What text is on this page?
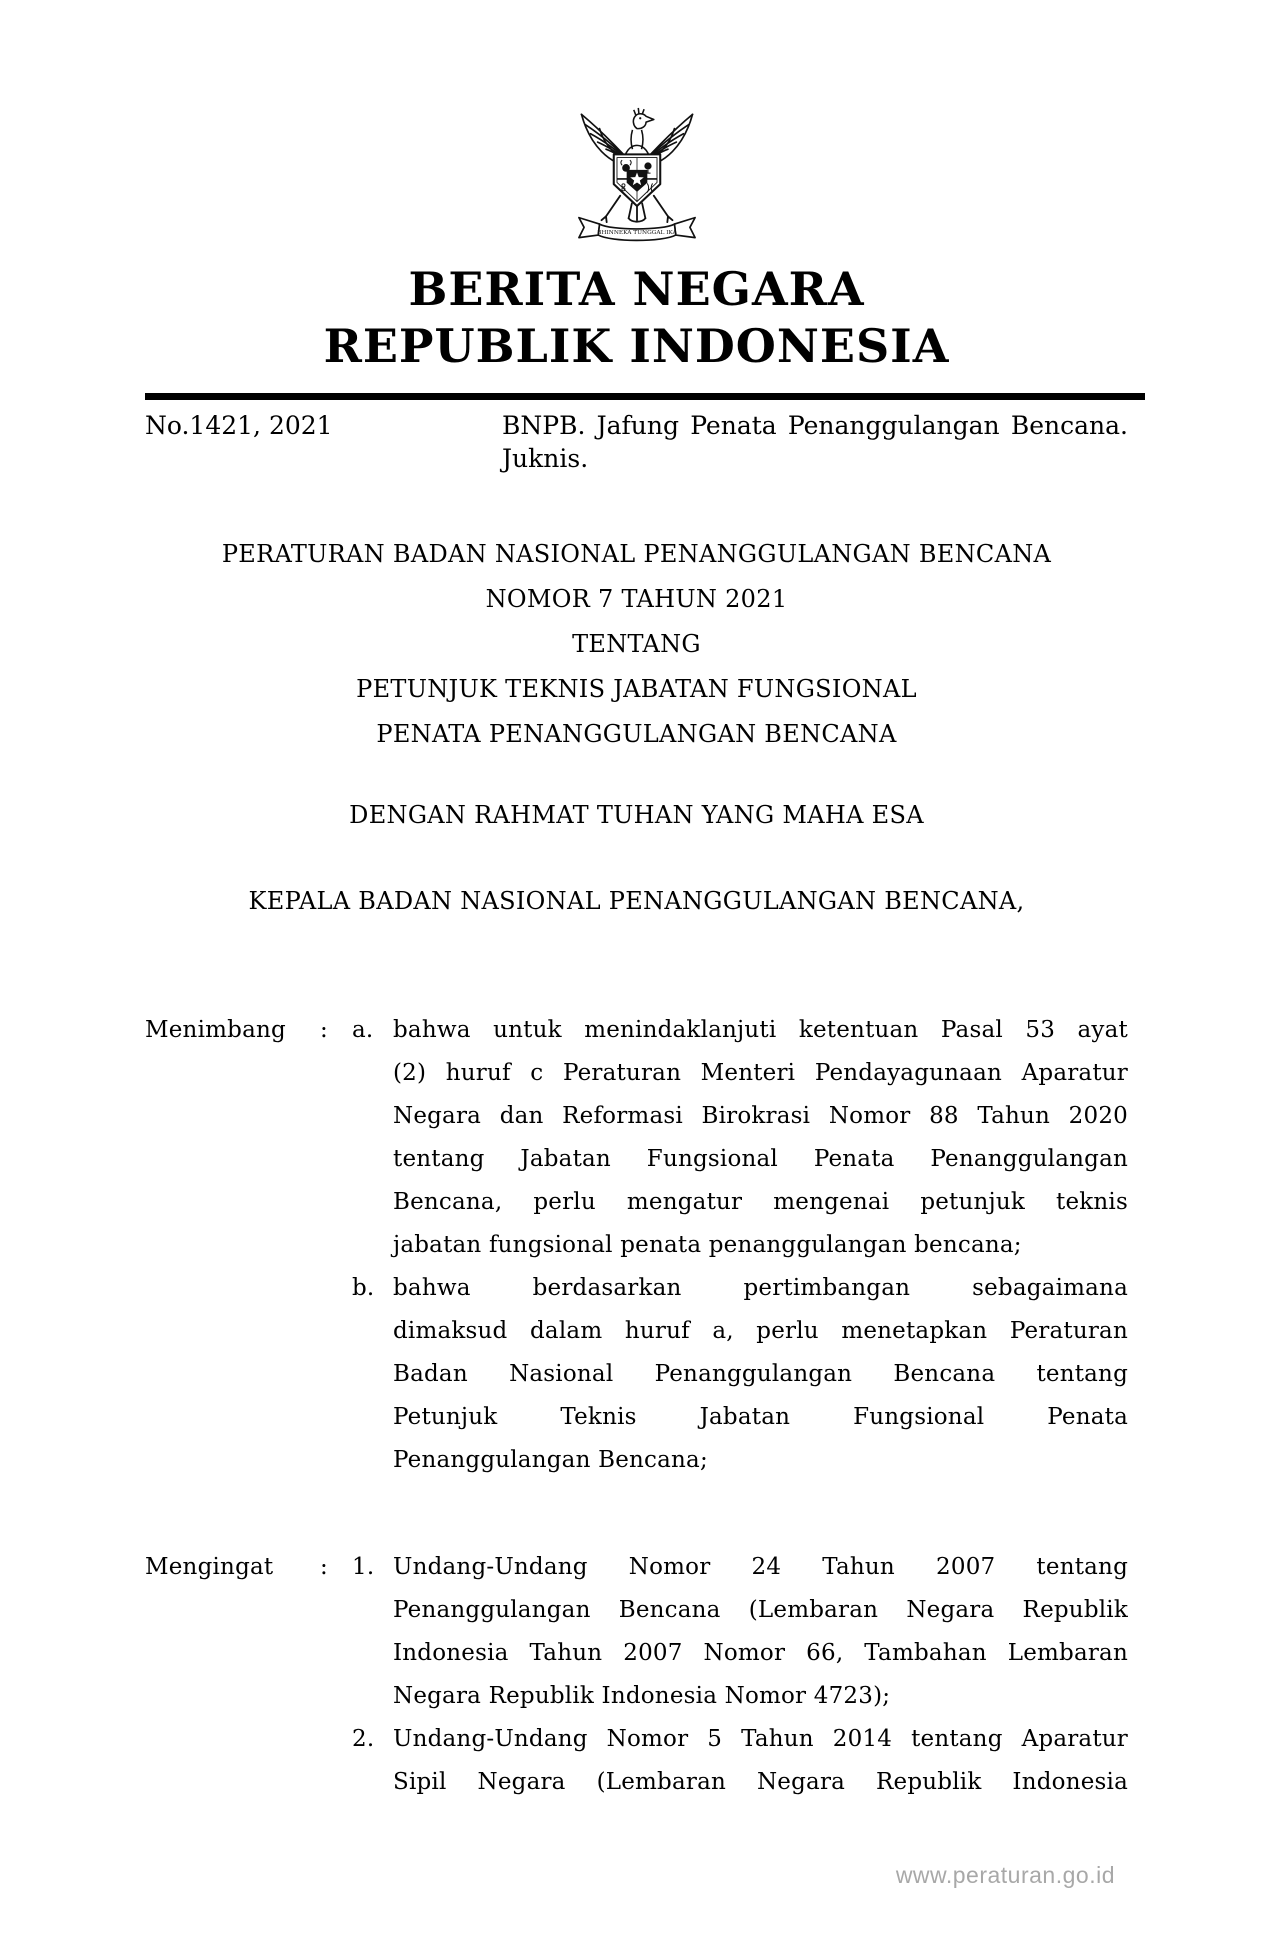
BHINNEKA TUNGGAL IKA
BERITA NEGARA
REPUBLIK INDONESIA
No.1421, 2021	BNPB. Jafung Penata Penanggulangan Bencana.
Juknis.
PERATURAN BADAN NASIONAL PENANGGULANGAN BENCANA
NOMOR 7 TAHUN 2021
TENTANG
PETUNJUK TEKNIS JABATAN FUNGSIONAL
PENATA PENANGGULANGAN BENCANA
DENGAN RAHMAT TUHAN YANG MAHA ESA
KEPALA BADAN NASIONAL PENANGGULANGAN BENCANA,
Menimbang	:	a. bahwa untuk menindaklanjuti ketentuan Pasal 53 ayat
(2) huruf c Peraturan Menteri Pendayagunaan Aparatur
Negara dan Reformasi Birokrasi Nomor 88 Tahun 2020
tentang Jabatan Fungsional Penata Penanggulangan
Bencana, perlu mengatur mengenai petunjuk teknis
jabatan fungsional penata penanggulangan bencana;
b. bahwa berdasarkan pertimbangan sebagaimana
dimaksud dalam huruf a, perlu menetapkan Peraturan
Badan Nasional Penanggulangan Bencana tentang
Petunjuk Teknis Jabatan Fungsional Penata
Penanggulangan Bencana;
Mengingat	:	1. Undang-Undang Nomor 24 Tahun 2007 tentang
Penanggulangan Bencana (Lembaran Negara Republik
Indonesia Tahun 2007 Nomor 66, Tambahan Lembaran
Negara Republik Indonesia Nomor 4723);
2. Undang-Undang Nomor 5 Tahun 2014 tentang Aparatur
Sipil Negara (Lembaran Negara Republik Indonesia
www.peraturan.go.id
